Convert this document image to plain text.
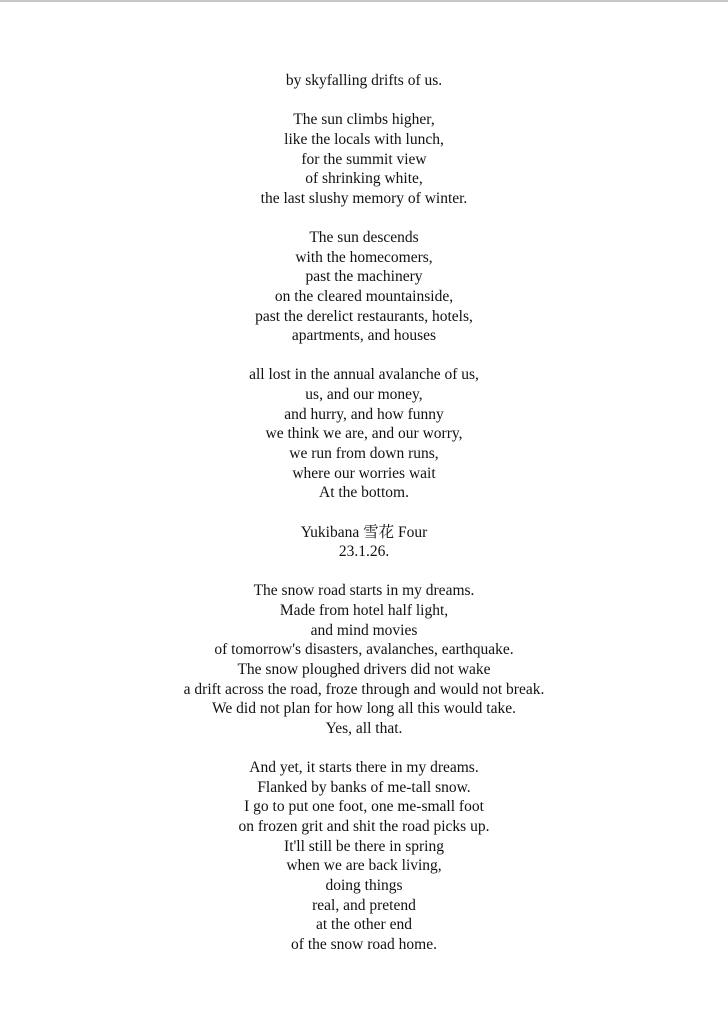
by skyfalling drifts of us.
The sun climbs higher,
like the locals with lunch,
for the summit view
of shrinking white,
the last slushy memory of winter.
The sun descends
with the homecomers,
past the machinery
on the cleared mountainside,
past the derelict restaurants, hotels,
apartments, and houses
all lost in the annual avalanche of us,
us, and our money,
and hurry, and how funny
we think we are, and our worry,
we run from down runs,
where our worries wait
At the bottom.
Yukibana 雪花 Four
23.1.26.
The snow road starts in my dreams.
Made from hotel half light,
and mind movies
of tomorrow's disasters, avalanches, earthquake.
The snow ploughed drivers did not wake
a drift across the road, froze through and would not break.
We did not plan for how long all this would take.
Yes, all that.
And yet, it starts there in my dreams.
Flanked by banks of me-tall snow.
I go to put one foot, one me-small foot
on frozen grit and shit the road picks up.
It'll still be there in spring
when we are back living,
doing things
real, and pretend
at the other end
of the snow road home.
